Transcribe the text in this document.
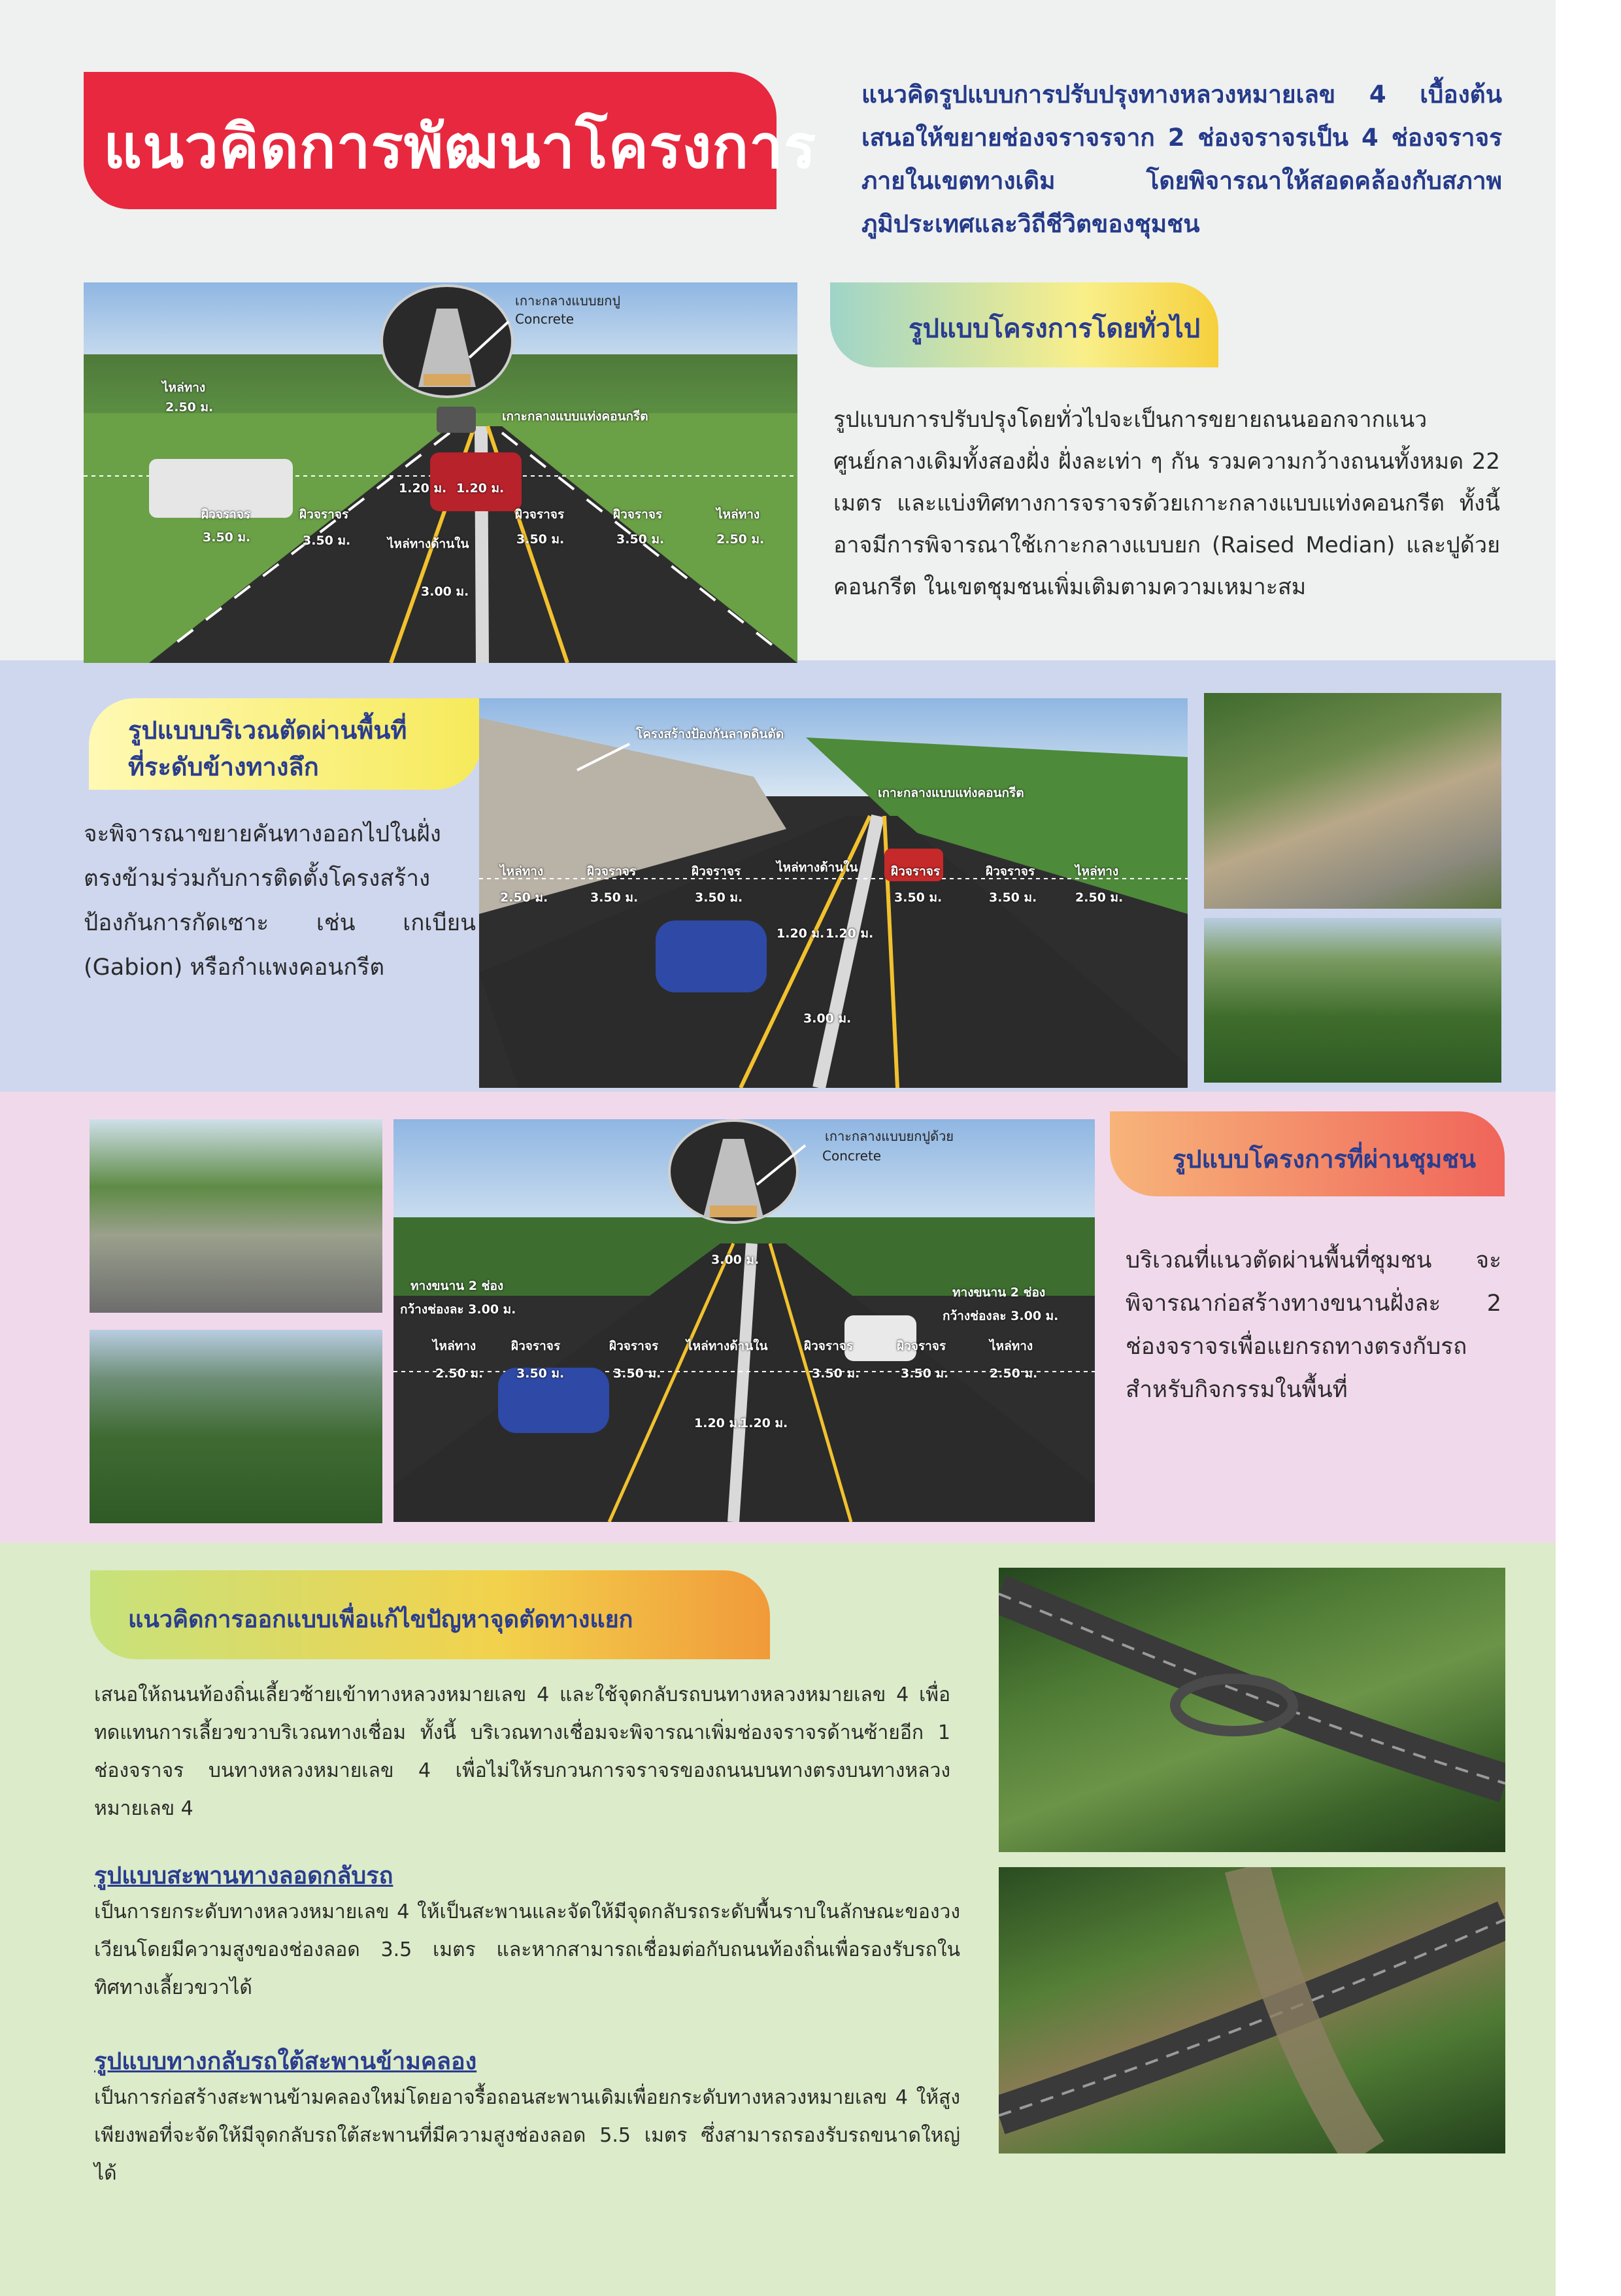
แนวคิดการพัฒนาโครงการ
แนวคิดรูปแบบการปรับปรุงทางหลวงหมายเลข 4 เบื้องต้น เสนอให้ขยายช่องจราจรจาก 2 ช่องจราจรเป็น 4 ช่องจราจร ภายในเขตทางเดิม โดยพิจารณาให้สอดคล้องกับสภาพภูมิประเทศและวิถีชีวิตของชุมชน
เกาะกลางแบบยกปู
Concrete
เกาะกลางแบบแท่งคอนกรีต
ไหล่ทาง
2.50 ม.
ผิวจราจร
3.50 ม.
ผิวจราจร
3.50 ม.
1.20 ม. 1.20 ม.
ไหล่ทางด้านใน
ผิวจราจร
3.50 ม.
ผิวจราจร
3.50 ม.
ไหล่ทาง
2.50 ม.
3.00 ม.
รูปแบบโครงการโดยทั่วไป
รูปแบบการปรับปรุงโดยทั่วไปจะเป็นการขยายถนนออกจากแนวศูนย์กลางเดิมทั้งสองฝั่ง ฝั่งละเท่า ๆ กัน รวมความกว้างถนนทั้งหมด 22 เมตร และแบ่งทิศทางการจราจรด้วยเกาะกลางแบบแท่งคอนกรีต ทั้งนี้อาจมีการพิจารณาใช้เกาะกลางแบบยก (Raised Median) และปูด้วยคอนกรีต ในเขตชุมชนเพิ่มเติมตามความเหมาะสม
รูปแบบบริเวณตัดผ่านพื้นที่
ที่ระดับข้างทางลึก
จะพิจารณาขยายคันทางออกไปในฝั่งตรงข้ามร่วมกับการติดตั้งโครงสร้างป้องกันการกัดเซาะ เช่น เกเบียน (Gabion) หรือกำแพงคอนกรีต
โครงสร้างป้องกันลาดดินตัด
เกาะกลางแบบแท่งคอนกรีต
ไหล่ทาง
2.50 ม.
ผิวจราจร
3.50 ม.
ผิวจราจร
3.50 ม.
ไหล่ทางด้านใน
1.20 ม. 1.20 ม.
ผิวจราจร
3.50 ม.
ผิวจราจร
3.50 ม.
ไหล่ทาง
2.50 ม.
3.00 ม.
เกาะกลางแบบยกปูด้วย
Concrete
3.00 ม.
ทางขนาน 2 ช่อง
กว้างช่องละ 3.00 ม.
ทางขนาน 2 ช่อง
กว้างช่องละ 3.00 ม.
ไหล่ทาง
2.50 ม.
ผิวจราจร
3.50 ม.
ผิวจราจร
3.50 ม.
ไหล่ทางด้านใน
1.20 ม.
1.20 ม.
ผิวจราจร
3.50 ม.
ผิวจราจร
3.50 ม.
ไหล่ทาง
2.50 ม.
รูปแบบโครงการที่ผ่านชุมชน
บริเวณที่แนวตัดผ่านพื้นที่ชุมชน จะพิจารณาก่อสร้างทางขนานฝั่งละ 2 ช่องจราจรเพื่อแยกรถทางตรงกับรถสำหรับกิจกรรมในพื้นที่
แนวคิดการออกแบบเพื่อแก้ไขปัญหาจุดตัดทางแยก
เสนอให้ถนนท้องถิ่นเลี้ยวซ้ายเข้าทางหลวงหมายเลข 4 และใช้จุดกลับรถบนทางหลวงหมายเลข 4 เพื่อทดแทนการเลี้ยวขวาบริเวณทางเชื่อม ทั้งนี้ บริเวณทางเชื่อมจะพิจารณาเพิ่มช่องจราจรด้านซ้ายอีก 1 ช่องจราจร บนทางหลวงหมายเลข 4 เพื่อไม่ให้รบกวนการจราจรของถนนบนทางตรงบนทางหลวงหมายเลข 4
รูปแบบสะพานทางลอดกลับรถ
เป็นการยกระดับทางหลวงหมายเลข 4 ให้เป็นสะพานและจัดให้มีจุดกลับรถระดับพื้นราบในลักษณะของวงเวียนโดยมีความสูงของช่องลอด 3.5 เมตร และหากสามารถเชื่อมต่อกับถนนท้องถิ่นเพื่อรองรับรถในทิศทางเลี้ยวขวาได้
รูปแบบทางกลับรถใต้สะพานข้ามคลอง
เป็นการก่อสร้างสะพานข้ามคลองใหม่โดยอาจรื้อถอนสะพานเดิมเพื่อยกระดับทางหลวงหมายเลข 4 ให้สูงเพียงพอที่จะจัดให้มีจุดกลับรถใต้สะพานที่มีความสูงช่องลอด 5.5 เมตร ซึ่งสามารถรองรับรถขนาดใหญ่ได้
